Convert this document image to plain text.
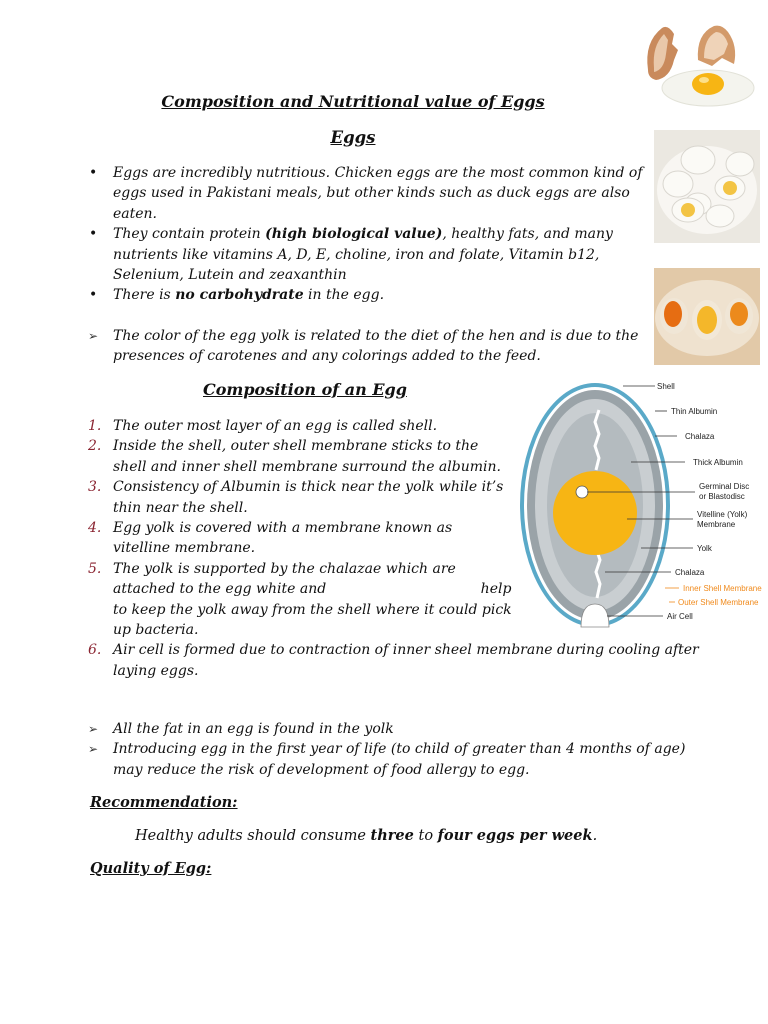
Composition and Nutritional value of Eggs
Eggs
• Eggs are incredibly nutritious. Chicken eggs are the most common kind of eggs used in Pakistani meals, but other kinds such as duck eggs are also eaten.
• They contain protein (high biological value), healthy fats, and many nutrients like vitamins A, D, E, choline, iron and folate, Vitamin b12, Selenium, Lutein and zeaxanthin
• There is no carbohydrate in the egg.
➢ The color of the egg yolk is related to the diet of the hen and is due to the presences of carotenes and any colorings added to the feed.
Composition of an Egg
1. The outer most layer of an egg is called shell.
2. Inside the shell, outer shell membrane sticks to the shell and inner shell membrane surround the albumin.
3. Consistency of Albumin is thick near the yolk while it’s thin near the shell.
4. Egg yolk is covered with a membrane known as vitelline membrane.
5. The yolk is supported by the chalazae which are attached to the egg white and	help to keep the yolk away from the shell where it could pick up bacteria.
6. Air cell is formed due to contraction of inner sheel membrane during cooling after laying eggs.
➢ All the fat in an egg is found in the yolk
➢ Introducing egg in the first year of life (to child of greater than 4 months of age) may reduce the risk of development of food allergy to egg.
Recommendation:
Healthy adults should consume three to four eggs per week.
Quality of Egg:
Shell
Thin Albumin
Chalaza
Thick Albumin
Germinal Disc
or Blastodisc
Vitelline (Yolk)
Membrane
Yolk
Chalaza
Inner Shell Membrane
Outer Shell Membrane
Air Cell
